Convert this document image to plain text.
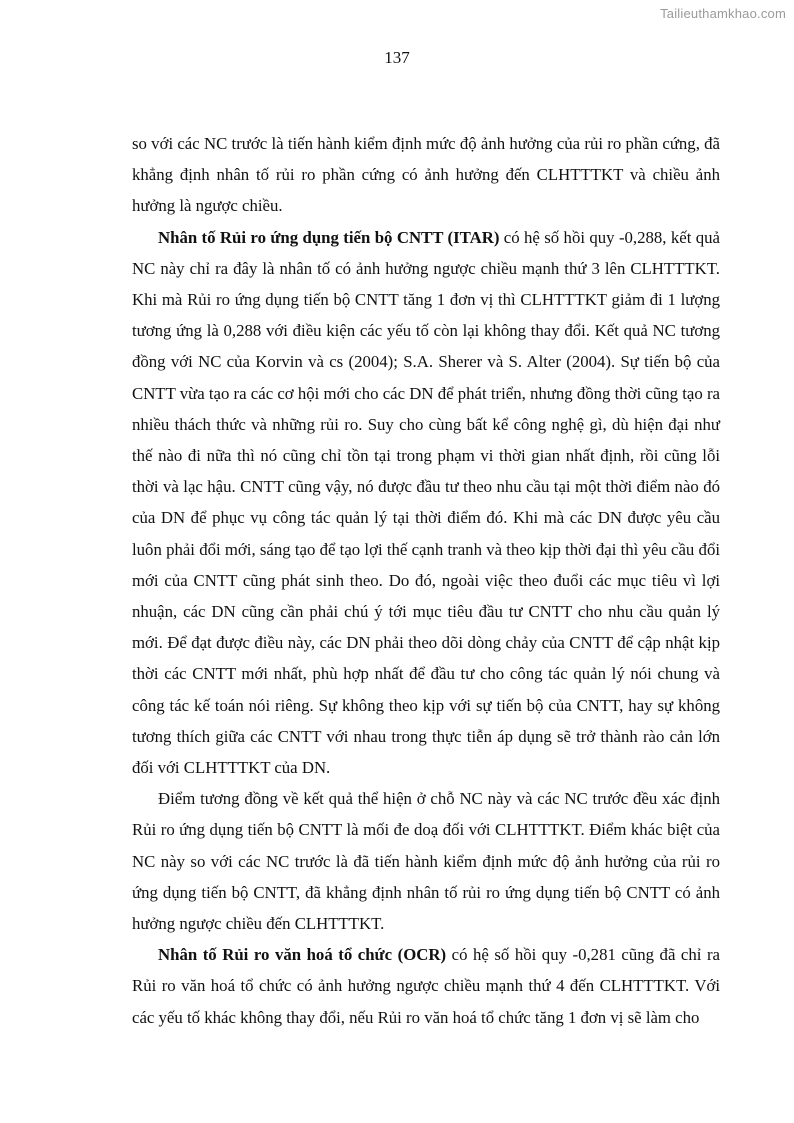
Tailieuthamkhao.com
137

so với các NC trước là tiến hành kiểm định mức độ ảnh hưởng của rủi ro phần cứng, đã khẳng định nhân tố rủi ro phần cứng có ảnh hưởng đến CLHTTTKT và chiều ảnh hưởng là ngược chiều.

Nhân tố Rủi ro ứng dụng tiến bộ CNTT (ITAR) có hệ số hồi quy -0,288, kết quả NC này chỉ ra đây là nhân tố có ảnh hưởng ngược chiều mạnh thứ 3 lên CLHTTTKT. Khi mà Rủi ro ứng dụng tiến bộ CNTT tăng 1 đơn vị thì CLHTTTKT giảm đi 1 lượng tương ứng là 0,288 với điều kiện các yếu tố còn lại không thay đổi. Kết quả NC tương đồng với NC của Korvin và cs (2004); S.A. Sherer và S. Alter (2004). Sự tiến bộ của CNTT vừa tạo ra các cơ hội mới cho các DN để phát triển, nhưng đồng thời cũng tạo ra nhiều thách thức và những rủi ro. Suy cho cùng bất kể công nghệ gì, dù hiện đại như thế nào đi nữa thì nó cũng chỉ tồn tại trong phạm vi thời gian nhất định, rồi cũng lỗi thời và lạc hậu. CNTT cũng vậy, nó được đầu tư theo nhu cầu tại một thời điểm nào đó của DN để phục vụ công tác quản lý tại thời điểm đó. Khi mà các DN được yêu cầu luôn phải đổi mới, sáng tạo để tạo lợi thế cạnh tranh và theo kịp thời đại thì yêu cầu đổi mới của CNTT cũng phát sinh theo. Do đó, ngoài việc theo đuổi các mục tiêu vì lợi nhuận, các DN cũng cần phải chú ý tới mục tiêu đầu tư CNTT cho nhu cầu quản lý mới. Để đạt được điều này, các DN phải theo dõi dòng chảy của CNTT để cập nhật kịp thời các CNTT mới nhất, phù hợp nhất để đầu tư cho công tác quản lý nói chung và công tác kế toán nói riêng. Sự không theo kịp với sự tiến bộ của CNTT, hay sự không tương thích giữa các CNTT với nhau trong thực tiễn áp dụng sẽ trở thành rào cản lớn đối với CLHTTTKT của DN.

Điểm tương đồng về kết quả thể hiện ở chỗ NC này và các NC trước đều xác định Rủi ro ứng dụng tiến bộ CNTT là mối đe doạ đối với CLHTTTKT. Điểm khác biệt của NC này so với các NC trước là đã tiến hành kiểm định mức độ ảnh hưởng của rủi ro ứng dụng tiến bộ CNTT, đã khẳng định nhân tố rủi ro ứng dụng tiến bộ CNTT có ảnh hưởng ngược chiều đến CLHTTTKT.

Nhân tố Rủi ro văn hoá tổ chức (OCR) có hệ số hồi quy -0,281 cũng đã chỉ ra Rủi ro văn hoá tổ chức có ảnh hưởng ngược chiều mạnh thứ 4 đến CLHTTTKT. Với các yếu tố khác không thay đổi, nếu Rủi ro văn hoá tổ chức tăng 1 đơn vị sẽ làm cho
